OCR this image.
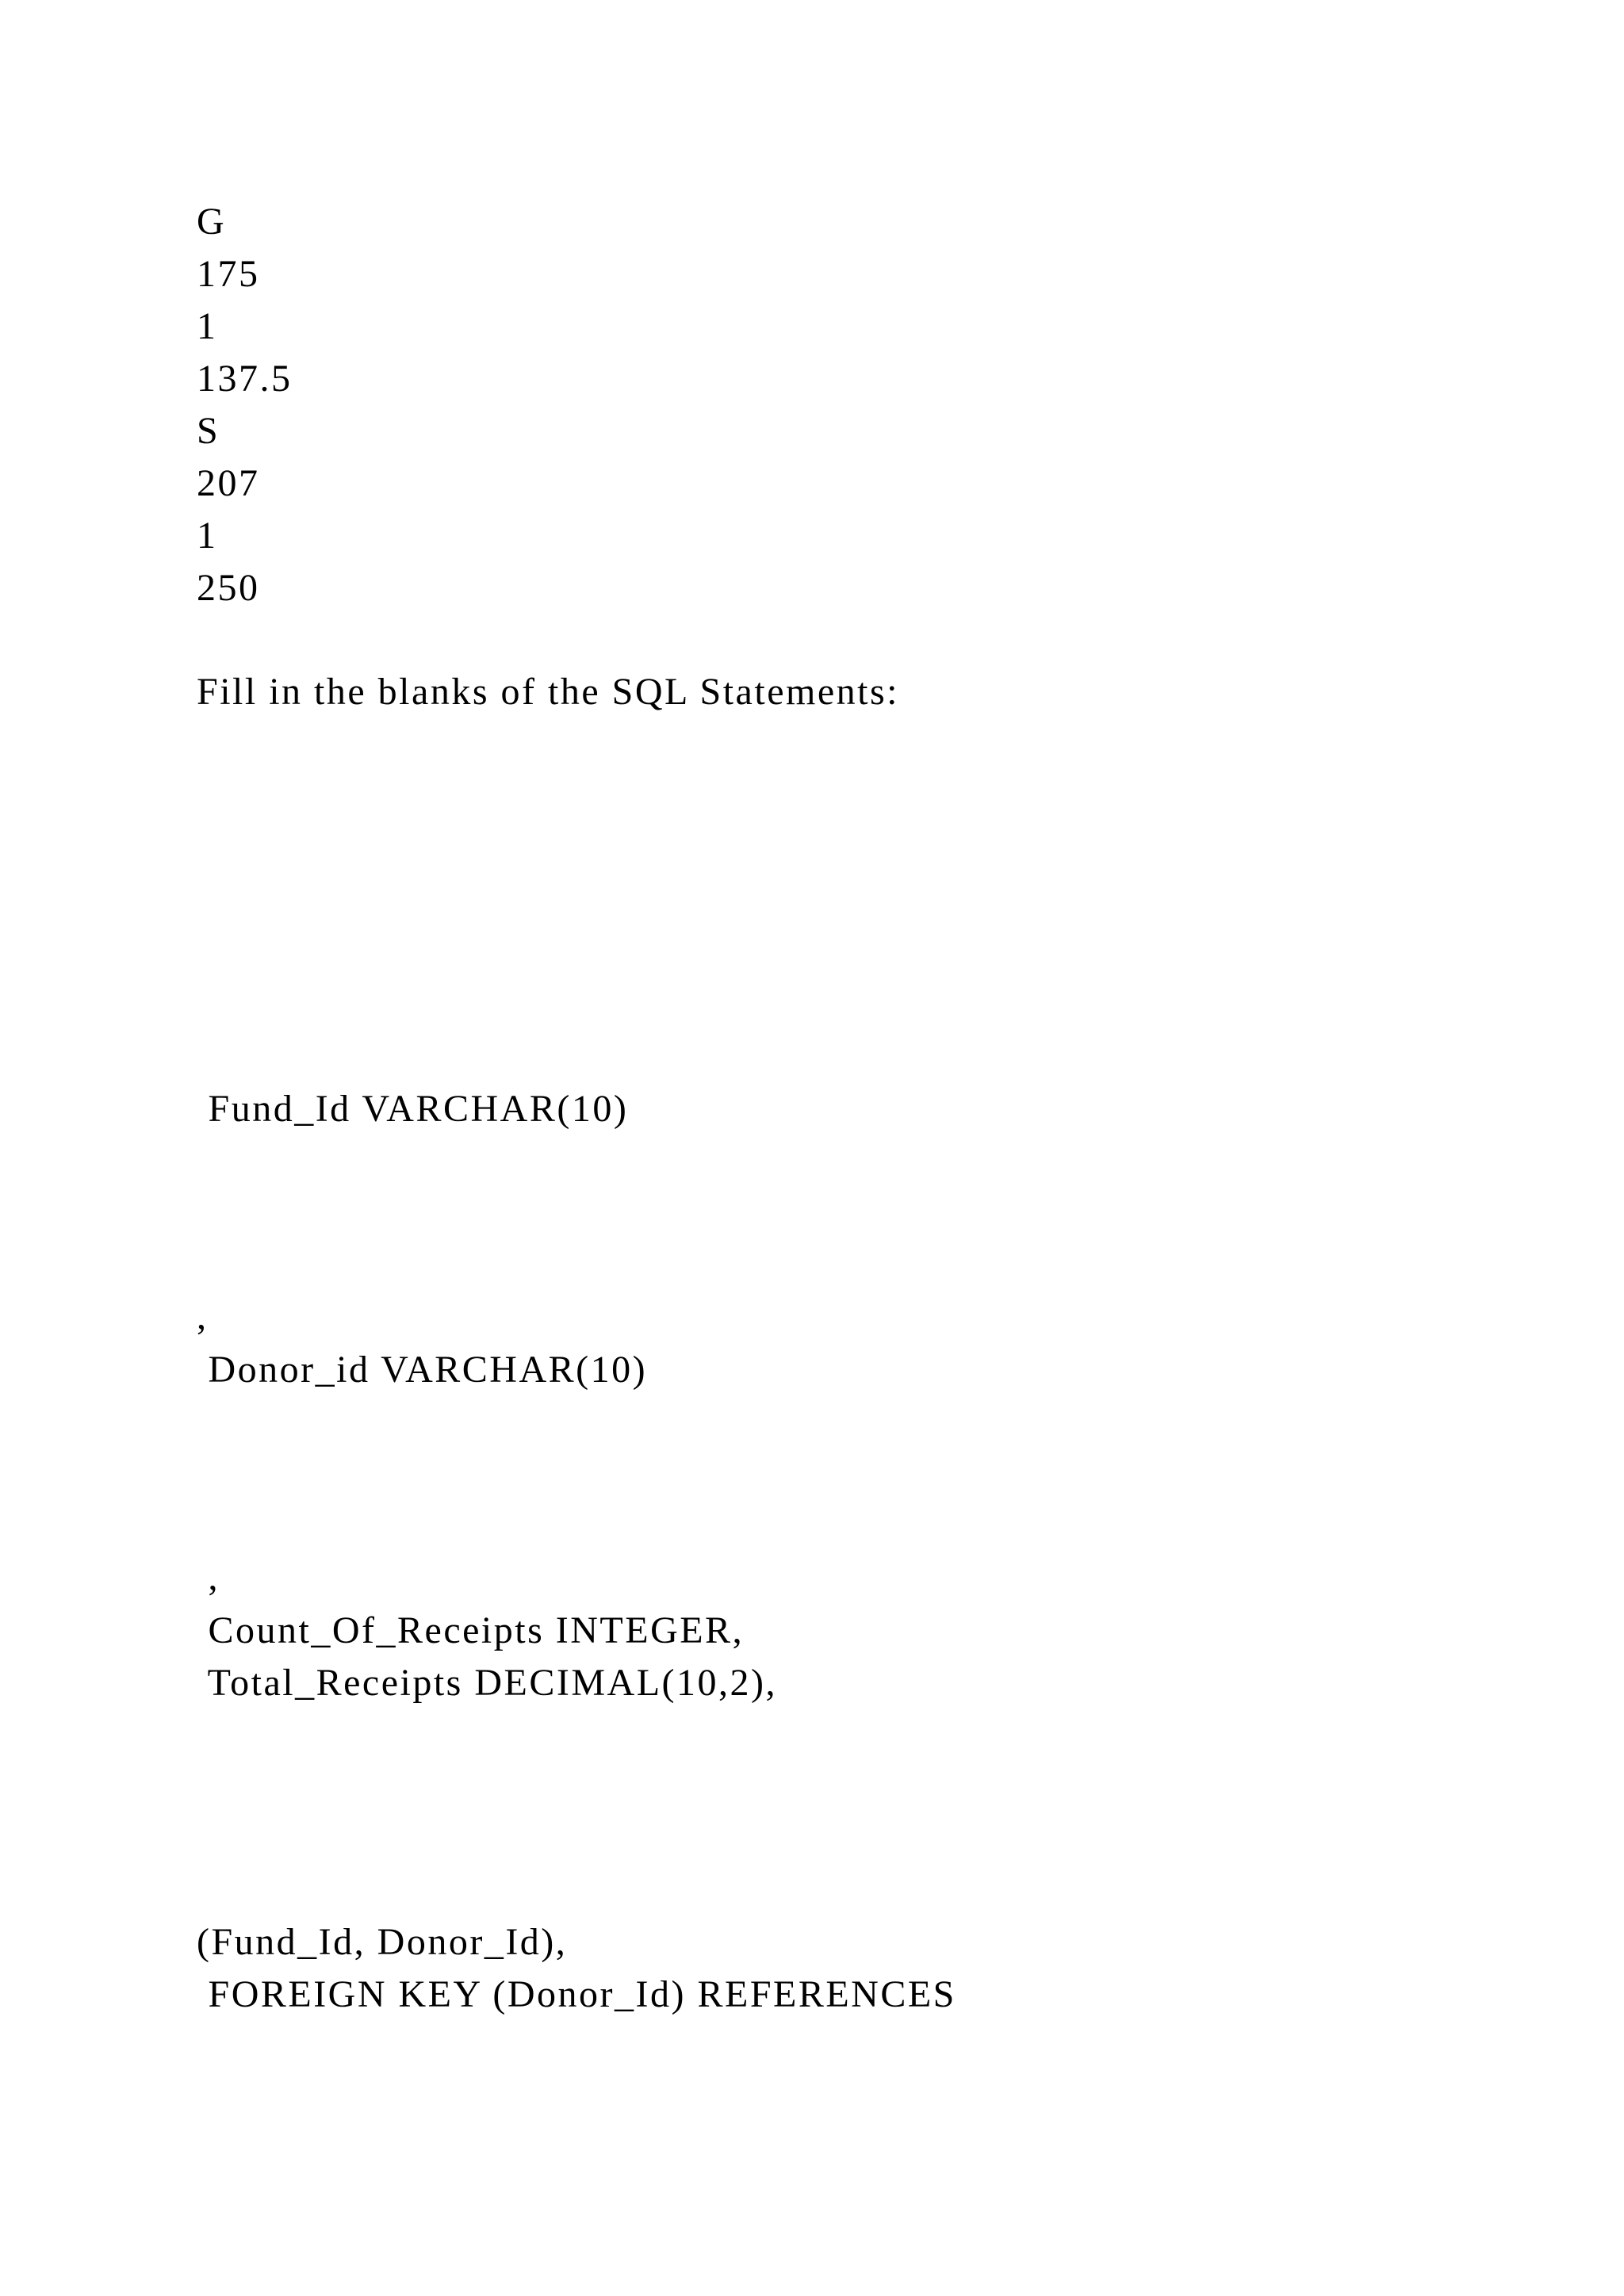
G
175
1
137.5
S
207
1
250
Fill in the blanks of the SQL Statements:
Fund_Id VARCHAR(10)
,
Donor_id VARCHAR(10)
,
Count_Of_Receipts INTEGER,
Total_Receipts DECIMAL(10,2),
(Fund_Id, Donor_Id),
FOREIGN KEY (Donor_Id) REFERENCES
